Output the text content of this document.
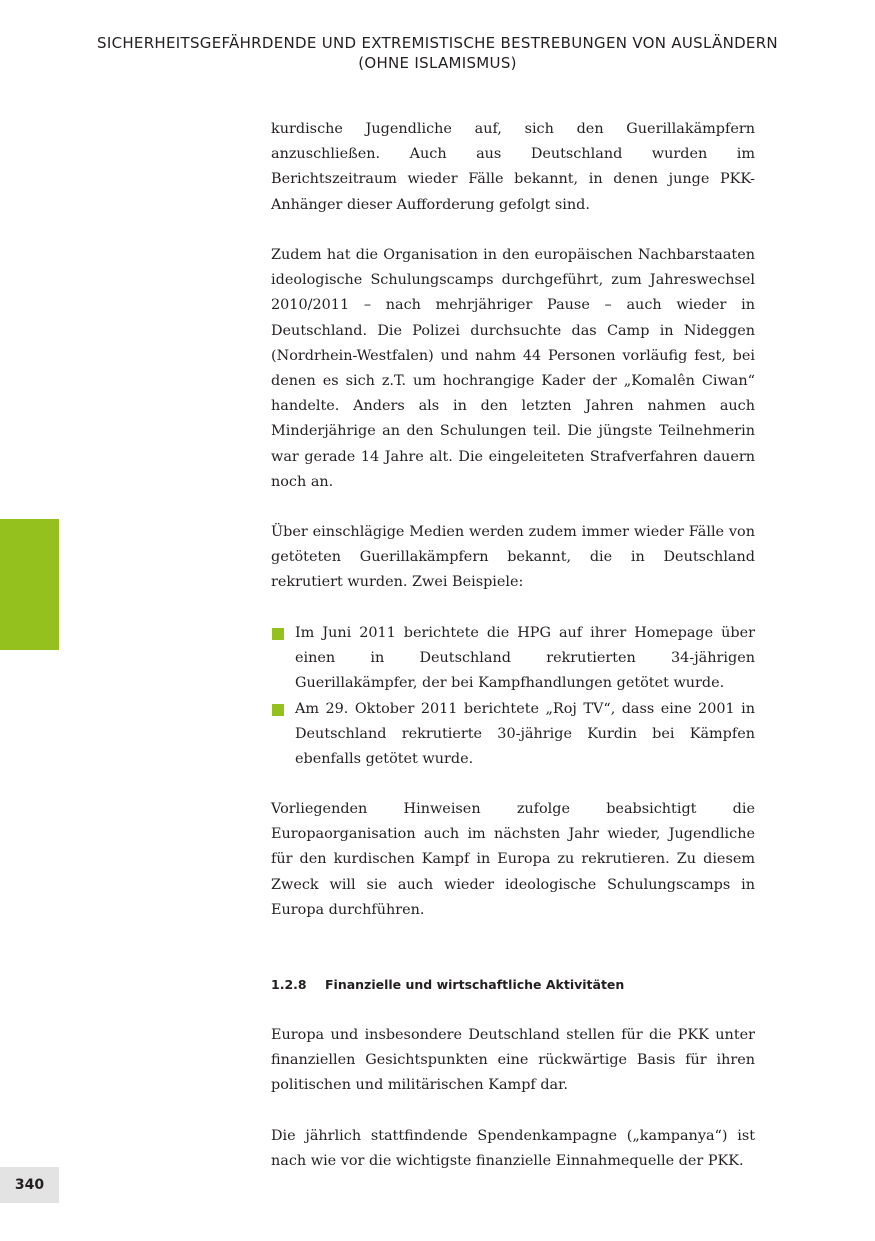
SICHERHEITSGEFÄHRDENDE UND EXTREMISTISCHE BESTREBUNGEN VON AUSLÄNDERN
(OHNE ISLAMISMUS)
340

kurdische Jugendliche auf, sich den Guerillakämpfern anzuschließen. Auch aus Deutschland wurden im Berichtszeitraum wieder Fälle bekannt, in denen junge PKK-Anhänger dieser Aufforderung gefolgt sind.

Zudem hat die Organisation in den europäischen Nachbarstaaten ideologische Schulungscamps durchgeführt, zum Jahreswechsel 2010/2011 – nach mehrjähriger Pause – auch wieder in Deutschland. Die Polizei durchsuchte das Camp in Nideggen (Nordrhein-Westfalen) und nahm 44 Personen vorläufig fest, bei denen es sich z.T. um hochrangige Kader der „Komalên Ciwan“ handelte. Anders als in den letzten Jahren nahmen auch Minderjährige an den Schulungen teil. Die jüngste Teilnehmerin war gerade 14 Jahre alt. Die eingeleiteten Strafverfahren dauern noch an.

Über einschlägige Medien werden zudem immer wieder Fälle von getöteten Guerillakämpfern bekannt, die in Deutschland rekrutiert wurden. Zwei Beispiele:

Im Juni 2011 berichtete die HPG auf ihrer Homepage über einen in Deutschland rekrutierten 34-jährigen Guerillakämpfer, der bei Kampfhandlungen getötet wurde.
Am 29. Oktober 2011 berichtete „Roj TV“, dass eine 2001 in Deutschland rekrutierte 30-jährige Kurdin bei Kämpfen ebenfalls getötet wurde.

Vorliegenden Hinweisen zufolge beabsichtigt die Europaorganisation auch im nächsten Jahr wieder, Jugendliche für den kurdischen Kampf in Europa zu rekrutieren. Zu diesem Zweck will sie auch wieder ideologische Schulungscamps in Europa durchführen.

1.2.8 Finanzielle und wirtschaftliche Aktivitäten

Europa und insbesondere Deutschland stellen für die PKK unter finanziellen Gesichtspunkten eine rückwärtige Basis für ihren politischen und militärischen Kampf dar.

Die jährlich stattfindende Spendenkampagne („kampanya“) ist nach wie vor die wichtigste finanzielle Einnahmequelle der PKK.
